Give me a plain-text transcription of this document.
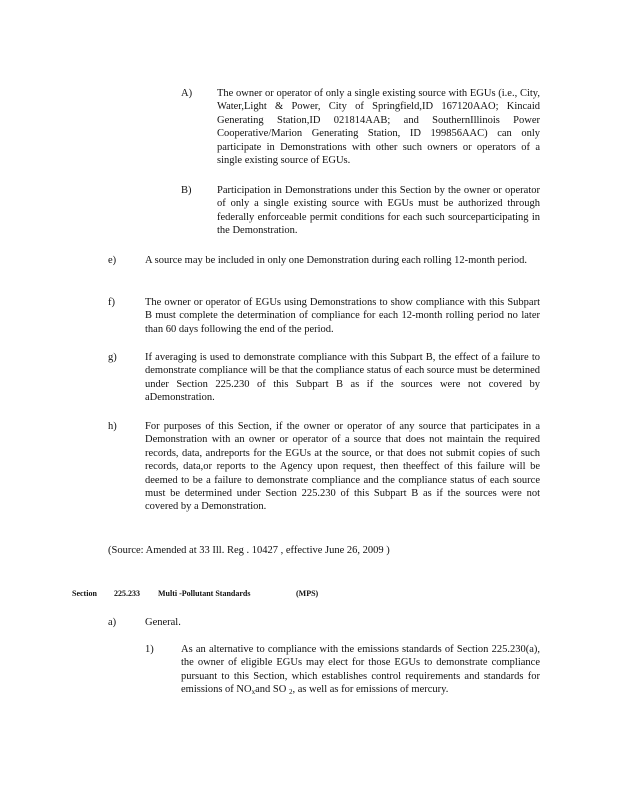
A) The owner or operator of only a single existing source with EGUs (i.e., City, Water,Light & Power, City of Springfield,ID 167120AAO; Kincaid Generating Station,ID 021814AAB; and SouthernIllinois Power Cooperative/Marion Generating Station, ID 199856AAC) can only participate in Demonstrations with other such owners or operators of a single existing source of EGUs.
B) Participation in Demonstrations under this Section by the owner or operator of only a single existing source with EGUs must be authorized through federally enforceable permit conditions for each such sourceparticipating in the Demonstration.
e)	A source may be included in only one Demonstration during each rolling 12-month period.
f)	The owner or operator of EGUs using Demonstrations to show compliance with this Subpart B must complete the determination of compliance for each 12-month rolling period no later than 60 days following the end of the period.
g)	If averaging is used to demonstrate compliance with this Subpart B, the effect of a failure to demonstrate compliance will be that the compliance status of each source must be determined under Section 225.230 of this Subpart B as if the sources were not covered by aDemonstration.
h)	For purposes of this Section, if the owner or operator of any source that participates in a Demonstration with an owner or operator of a source that does not maintain the required records, data, andreports for the EGUs at the source, or that does not submit copies of such records, data,or reports to the Agency upon request, then theeffect of this failure will be deemed to be a failure to demonstrate compliance and the compliance status of each source must be determined under Section 225.230 of this Subpart B as if the sources were not covered by a Demonstration.
(Source: Amended at 33 Ill. Reg . 10427 , effective June 26, 2009 )
Section 225.233 Multi -Pollutant Standards	(MPS)
a)	General.
1)	As an alternative to compliance with the emissions standards of Section 225.230(a), the owner of eligible EGUs may elect for those EGUs to demonstrate compliance pursuant to this Section, which establishes control requirements and standards for emissions of $NO_xand$ SO $_2$, as well as for emissions of mercury.
